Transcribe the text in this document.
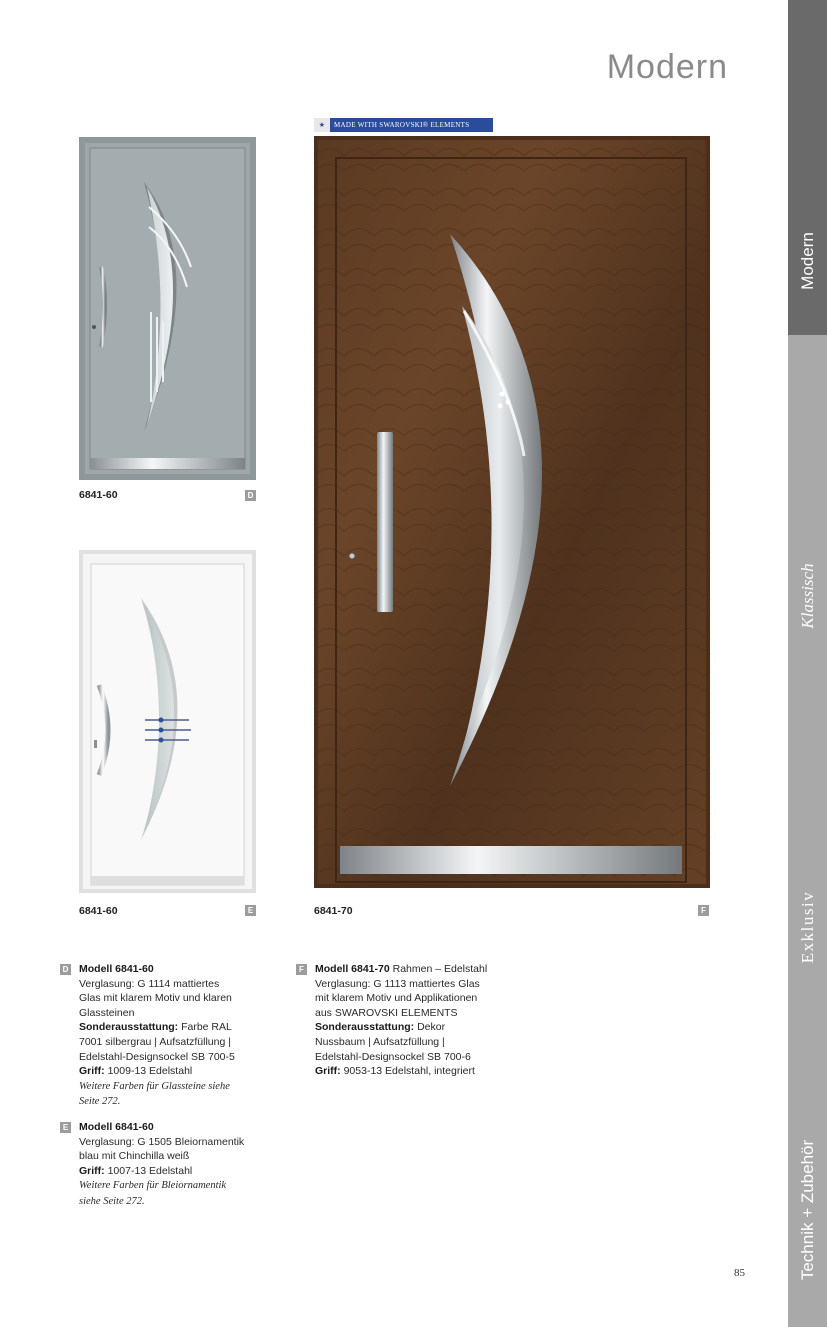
Modern
Modern
Klassisch
Exklusiv
Technik + Zubehör
6841-60	D
6841-60	E
★ MADE WITH SWAROVSKI® ELEMENTS
6841-70	F
D Modell 6841-60
Verglasung: G 1114 mattiertes
Glas mit klarem Motiv und klaren
Glassteinen
Sonderausstattung: Farbe RAL
7001 silbergrau | Aufsatzfüllung |
Edelstahl-Designsockel SB 700-5
Griff: 1009-13 Edelstahl
Weitere Farben für Glassteine siehe
Seite 272.
E Modell 6841-60
Verglasung: G 1505 Bleiornamentik
blau mit Chinchilla weiß
Griff: 1007-13 Edelstahl
Weitere Farben für Bleiornamentik
siehe Seite 272.
F Modell 6841-70 Rahmen – Edelstahl
Verglasung: G 1113 mattiertes Glas
mit klarem Motiv und Applikationen
aus SWAROVSKI ELEMENTS
Sonderausstattung: Dekor
Nussbaum | Aufsatzfüllung |
Edelstahl-Designsockel SB 700-6
Griff: 9053-13 Edelstahl, integriert
85
